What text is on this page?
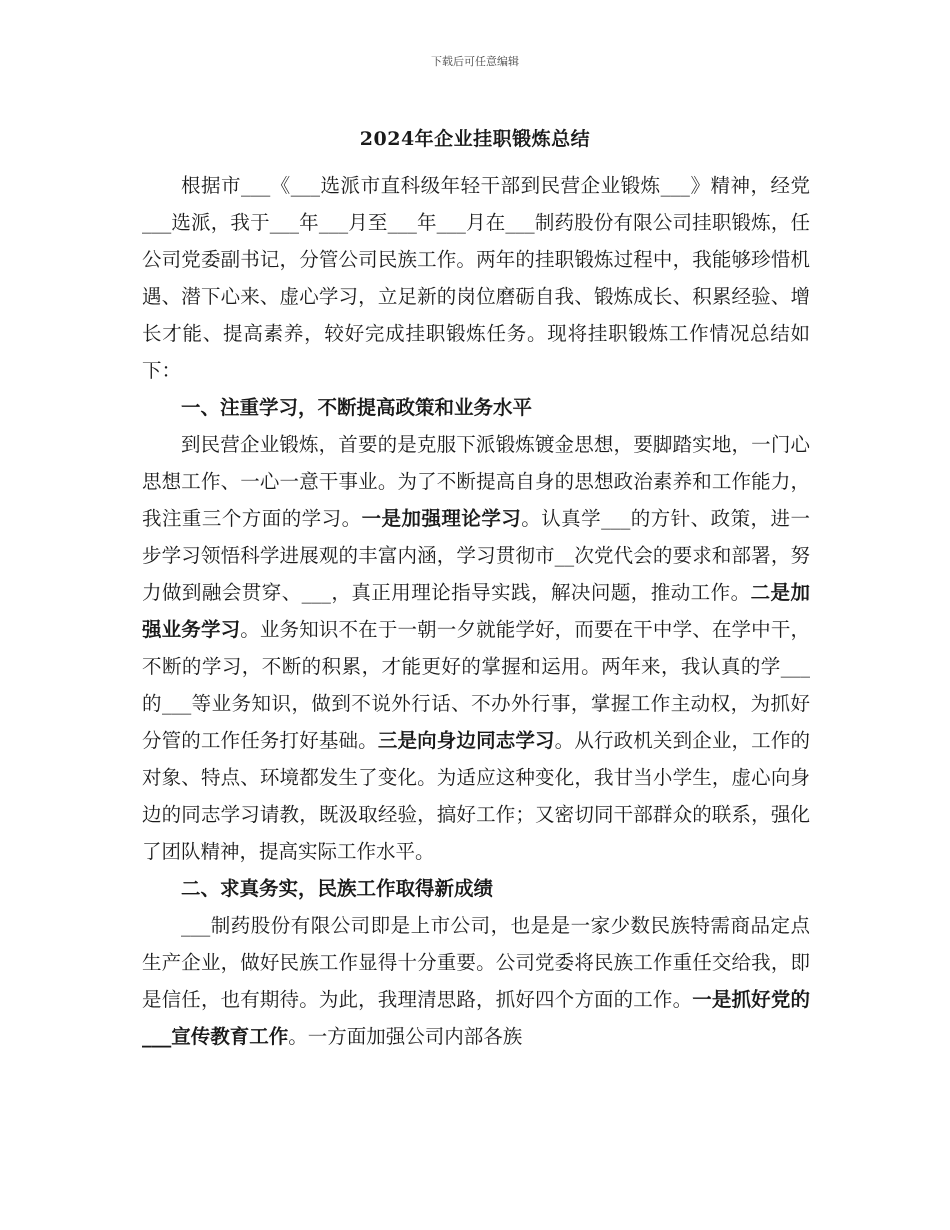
下载后可任意编辑
2024年企业挂职锻炼总结

根据市___《___选派市直科级年轻干部到民营企业锻炼___》精神，经党___选派，我于___年___月至___年___月在___制药股份有限公司挂职锻炼，任公司党委副书记，分管公司民族工作。两年的挂职锻炼过程中，我能够珍惜机遇、潜下心来、虚心学习，立足新的岗位磨砺自我、锻炼成长、积累经验、增长才能、提高素养，较好完成挂职锻炼任务。现将挂职锻炼工作情况总结如下：

一、注重学习，不断提高政策和业务水平

到民营企业锻炼，首要的是克服下派锻炼镀金思想，要脚踏实地，一门心思想工作、一心一意干事业。为了不断提高自身的思想政治素养和工作能力，我注重三个方面的学习。一是加强理论学习。认真学___的方针、政策，进一步学习领悟科学进展观的丰富内涵，学习贯彻市__次党代会的要求和部署，努力做到融会贯穿、___，真正用理论指导实践，解决问题，推动工作。二是加强业务学习。业务知识不在于一朝一夕就能学好，而要在干中学、在学中干，不断的学习，不断的积累，才能更好的掌握和运用。两年来，我认真的学___的___等业务知识，做到不说外行话、不办外行事，掌握工作主动权，为抓好分管的工作任务打好基础。三是向身边同志学习。从行政机关到企业，工作的对象、特点、环境都发生了变化。为适应这种变化，我甘当小学生，虚心向身边的同志学习请教，既汲取经验，搞好工作；又密切同干部群众的联系，强化了团队精神，提高实际工作水平。

二、求真务实，民族工作取得新成绩

___制药股份有限公司即是上市公司，也是是一家少数民族特需商品定点生产企业，做好民族工作显得十分重要。公司党委将民族工作重任交给我，即是信任，也有期待。为此，我理清思路，抓好四个方面的工作。一是抓好党的___宣传教育工作。一方面加强公司内部各族
